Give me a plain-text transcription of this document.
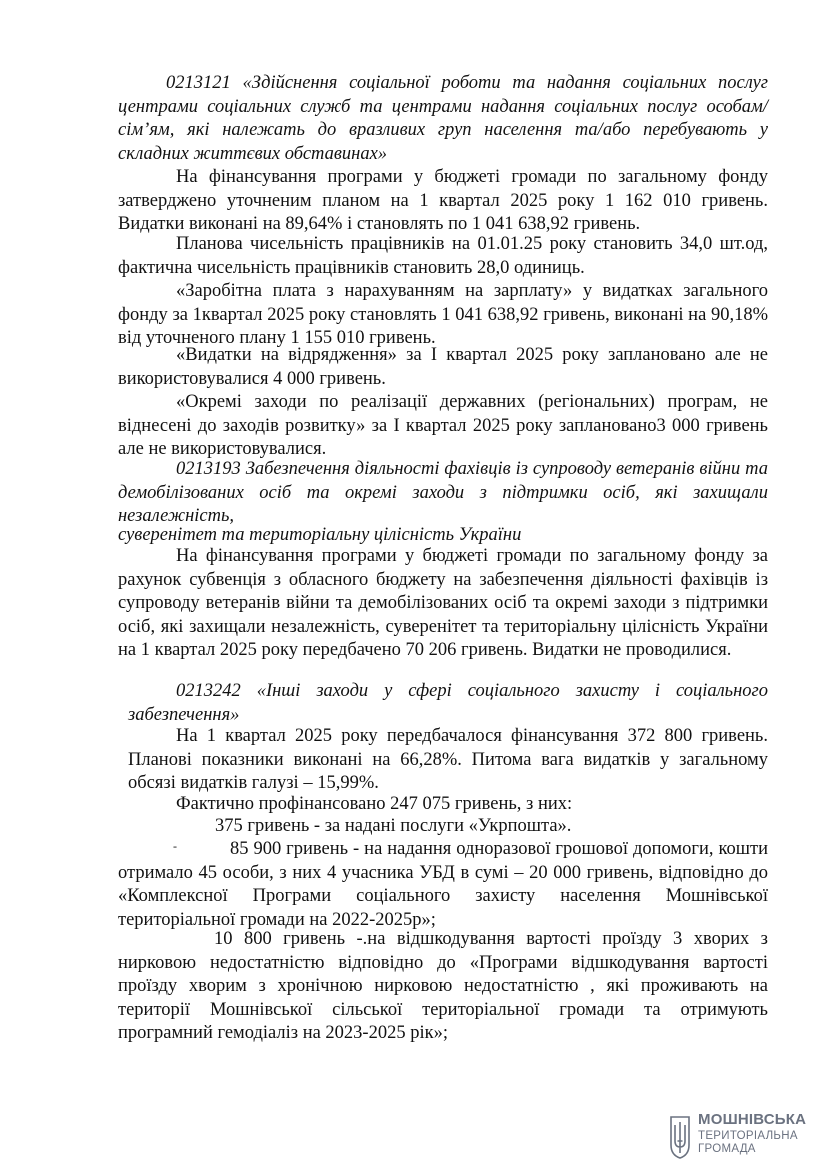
0213121 «Здійснення соціальної роботи та надання соціальних послуг центрами соціальних служб та центрами надання соціальних послуг особам/сім’ям, які належать до вразливих груп населення та/або перебувають у складних життєвих обставинах»

На фінансування програми у бюджеті громади по загальному фонду затверджено уточненим планом на 1 квартал 2025 року 1 162 010 гривень. Видатки виконані на 89,64% і становлять по 1 041 638,92 гривень.

Планова чисельність працівників на 01.01.25 року становить 34,0 шт.од, фактична чисельність працівників становить 28,0 одиниць.

«Заробітна плата з нарахуванням на зарплату» у видатках загального фонду за 1квартал 2025 року становлять 1 041 638,92 гривень, виконані на 90,18% від уточненого плану 1 155 010 гривень.

«Видатки на відрядження» за І квартал 2025 року заплановано але не використовувалися 4 000 гривень.

«Окремі заходи по реалізації державних (регіональних) програм, не віднесені до заходів розвитку» за І квартал 2025 року заплановано3 000 гривень але не використовувалися.

0213193 Забезпечення діяльності фахівців із супроводу ветеранів війни та демобілізованих осіб та окремі заходи з підтримки осіб, які захищали незалежність,

суверенітет та територіальну цілісність України

На фінансування програми у бюджеті громади по загальному фонду за рахунок субвенція з обласного бюджету на забезпечення діяльності фахівців із супроводу ветеранів війни та демобілізованих осіб та окремі заходи з підтримки осіб, які захищали незалежність, суверенітет та територіальну цілісність України на 1 квартал 2025 року передбачено 70 206 гривень. Видатки не проводилися.

0213242 «Інші заходи у сфері соціального захисту і соціального забезпечення»

На 1 квартал 2025 року передбачалося фінансування 372 800 гривень. Планові показники виконані на 66,28%. Питома вага видатків у загальному обсязі видатків галузі – 15,99%.

Фактично профінансовано 247 075 гривень, з них:

375 гривень - за надані послуги «Укрпошта».

-	85 900 гривень - на надання одноразової грошової допомоги, кошти отримало 45 особи, з них 4 учасника УБД в сумі – 20 000 гривень, відповідно до «Комплексної Програми соціального захисту населення Мошнівської територіальної громади на 2022-2025р»;

10 800 гривень -.на відшкодування вартості проїзду 3 хворих з нирковою недостатністю відповідно до «Програми відшкодування вартості проїзду хворим з хронічною нирковою недостатністю , які проживають на території Мошнівської сільської територіальної громади та отримують програмний гемодіаліз на 2023-2025 рік»;

МОШНІВСЬКА
ТЕРИТОРІАЛЬНА
ГРОМАДА
